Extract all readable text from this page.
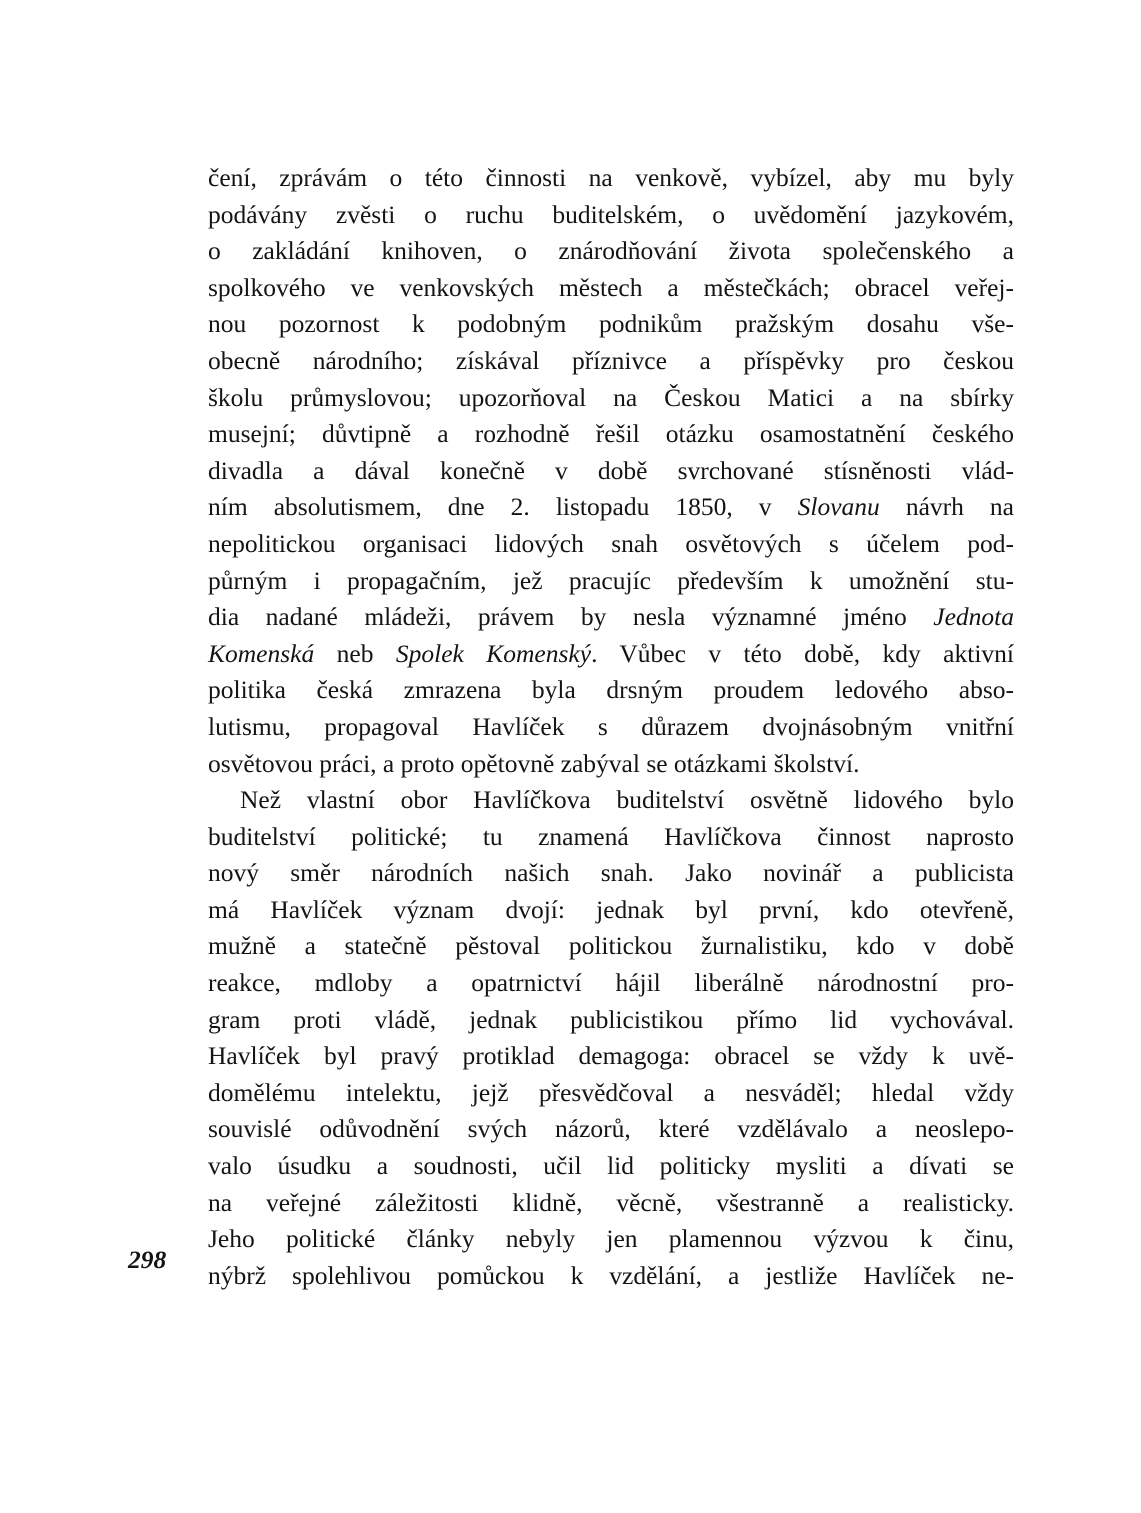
čení, zprávám o této činnosti na venkově, vybízel, aby mu byly
podávány zvěsti o ruchu buditelském, o uvědomění jazykovém,
o zakládání knihoven, o znárodňování života společenského a
spolkového ve venkovských městech a městečkách; obracel veřej-
nou pozornost k podobným podnikům pražským dosahu vše-
obecně národního; získával příznivce a příspěvky pro českou
školu průmyslovou; upozorňoval na Českou Matici a na sbírky
musejní; důvtipně a rozhodně řešil otázku osamostatnění českého
divadla a dával konečně v době svrchované stísněnosti vlád-
ním absolutismem, dne 2. listopadu 1850, v Slovanu návrh na
nepolitickou organisaci lidových snah osvětových s účelem pod-
půrným i propagačním, jež pracujíc především k umožnění stu-
dia nadané mládeži, právem by nesla významné jméno Jednota
Komenská neb Spolek Komenský. Vůbec v této době, kdy aktivní
politika česká zmrazena byla drsným proudem ledového abso-
lutismu, propagoval Havlíček s důrazem dvojnásobným vnitřní
osvětovou práci, a proto opětovně zabýval se otázkami školství.
Než vlastní obor Havlíčkova buditelství osvětně lidového bylo
buditelství politické; tu znamená Havlíčkova činnost naprosto
nový směr národních našich snah. Jako novinář a publicista
má Havlíček význam dvojí: jednak byl první, kdo otevřeně,
mužně a statečně pěstoval politickou žurnalistiku, kdo v době
reakce, mdloby a opatrnictví hájil liberálně národnostní pro-
gram proti vládě, jednak publicistikou přímo lid vychovával.
Havlíček byl pravý protiklad demagoga: obracel se vždy k uvě-
domělému intelektu, jejž přesvědčoval a nesváděl; hledal vždy
souvislé odůvodnění svých názorů, které vzdělávalo a neoslepo-
valo úsudku a soudnosti, učil lid politicky mysliti a dívati se
na veřejné záležitosti klidně, věcně, všestranně a realisticky.
Jeho politické články nebyly jen plamennou výzvou k činu,
nýbrž spolehlivou pomůckou k vzdělání, a jestliže Havlíček ne-
298
